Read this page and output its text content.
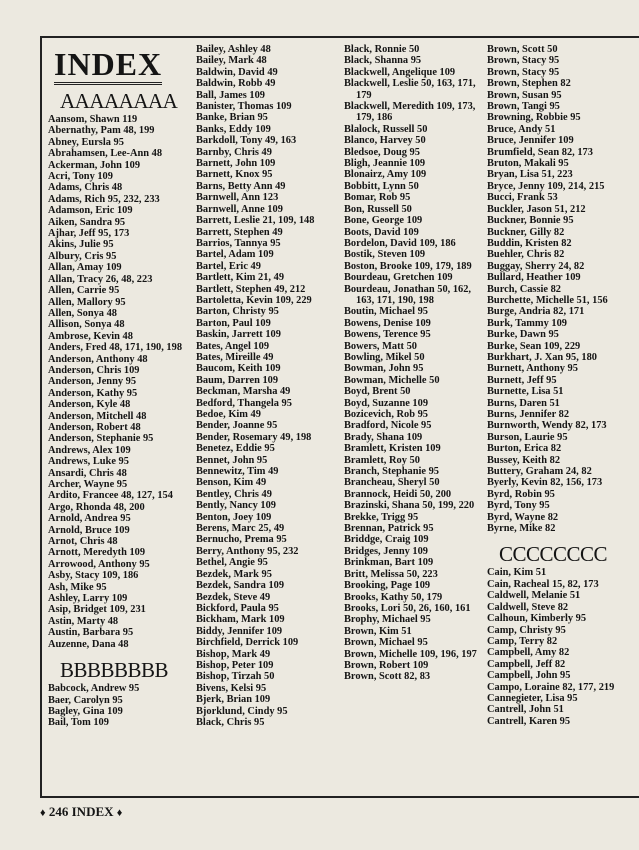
INDEX
AAAAAAAA
Aansom, Shawn 119
Abernathy, Pam 48, 199
Abney, Eursla 95
Abrahamsen, Lee-Ann 48
Ackerman, John 109
Acri, Tony 109
Adams, Chris 48
Adams, Rich 95, 232, 233
Adamson, Eric 109
Aiken, Sandra 95
Ajhar, Jeff 95, 173
Akins, Julie 95
Albury, Cris 95
Allan, Amay 109
Allan, Tracy 26, 48, 223
Allen, Carrie 95
Allen, Mallory 95
Allen, Sonya 48
Allison, Sonya 48
Ambrose, Kevin 48
Anders, Fred 48, 171, 190, 198
Anderson, Anthony 48
Anderson, Chris 109
Anderson, Jenny 95
Anderson, Kathy 95
Anderson, Kyle 48
Anderson, Mitchell 48
Anderson, Robert 48
Anderson, Stephanie 95
Andrews, Alex 109
Andrews, Luke 95
Ansardi, Chris 48
Archer, Wayne 95
Ardito, Francee 48, 127, 154
Argo, Rhonda 48, 200
Arnold, Andrea 95
Arnold, Bruce 109
Arnot, Chris 48
Arnott, Meredyth 109
Arrowood, Anthony 95
Asby, Stacy 109, 186
Ash, Mike 95
Ashley, Larry 109
Asip, Bridget 109, 231
Astin, Marty 48
Austin, Barbara 95
Auzenne, Dana 48
BBBBBBBB
Babcock, Andrew 95
Baer, Carolyn 95
Bagley, Gina 109
Bail, Tom 109
Bailey, Ashley 48
Bailey, Mark 48
Baldwin, David 49
Baldwin, Robb 49
Ball, James 109
Banister, Thomas 109
Banke, Brian 95
Banks, Eddy 109
Barkdoll, Tony 49, 163
Barnby, Chris 49
Barnett, John 109
Barnett, Knox 95
Barns, Betty Ann 49
Barnwell, Ann 123
Barnwell, Anne 109
Barrett, Leslie 21, 109, 148
Barrett, Stephen 49
Barrios, Tannya 95
Bartel, Adam 109
Bartel, Eric 49
Bartlett, Kim 21, 49
Bartlett, Stephen 49, 212
Bartoletta, Kevin 109, 229
Barton, Christy 95
Barton, Paul 109
Baskin, Jarrett 109
Bates, Angel 109
Bates, Mireille 49
Baucom, Keith 109
Baum, Darren 109
Beckman, Marsha 49
Bedford, Thangela 95
Bedoe, Kim 49
Bender, Joanne 95
Bender, Rosemary 49, 198
Benetez, Eddie 95
Bennet, John 95
Bennewitz, Tim 49
Benson, Kim 49
Bentley, Chris 49
Bently, Nancy 109
Benton, Joey 109
Berens, Marc 25, 49
Bernucho, Prema 95
Berry, Anthony 95, 232
Bethel, Angie 95
Bezdek, Mark 95
Bezdek, Sandra 109
Bezdek, Steve 49
Bickford, Paula 95
Bickham, Mark 109
Biddy, Jennifer 109
Birchfield, Derrick 109
Bishop, Mark 49
Bishop, Peter 109
Bishop, Tirzah 50
Bivens, Kelsi 95
Bjerk, Brian 109
Bjorklund, Cindy 95
Black, Chris 95
Black, Ronnie 50
Black, Shanna 95
Blackwell, Angelique 109
Blackwell, Leslie 50, 163, 171, 179
Blackwell, Meredith 109, 173, 179, 186
Blalock, Russell 50
Blanco, Harvey 50
Bledsoe, Doug 95
Bligh, Jeannie 109
Blonairz, Amy 109
Bobbitt, Lynn 50
Bomar, Rob 95
Bon, Russell 50
Bone, George 109
Boots, David 109
Bordelon, David 109, 186
Bostik, Steven 109
Boston, Brooke 109, 179, 189
Bourdeau, Gretchen 109
Bourdeau, Jonathan 50, 162, 163, 171, 190, 198
Boutin, Michael 95
Bowens, Denise 109
Bowens, Terence 95
Bowers, Matt 50
Bowling, Mikel 50
Bowman, John 95
Bowman, Michelle 50
Boyd, Brent 50
Boyd, Suzanne 109
Bozicevich, Rob 95
Bradford, Nicole 95
Brady, Shana 109
Bramlett, Kristen 109
Bramlett, Roy 50
Branch, Stephanie 95
Brancheau, Sheryl 50
Brannock, Heidi 50, 200
Brazinski, Shana 50, 199, 220
Brekke, Trigg 95
Brennan, Patrick 95
Briddge, Craig 109
Bridges, Jenny 109
Brinkman, Bart 109
Britt, Melissa 50, 223
Brooking, Page 109
Brooks, Kathy 50, 179
Brooks, Lori 50, 26, 160, 161
Brophy, Michael 95
Brown, Kim 51
Brown, Michael 95
Brown, Michelle 109, 196, 197
Brown, Robert 109
Brown, Scott 82, 83
Brown, Scott 50
Brown, Stacy 95
Brown, Stacy 95
Brown, Stephen 82
Brown, Susan 95
Brown, Tangi 95
Browning, Robbie 95
Bruce, Andy 51
Bruce, Jennifer 109
Brumfield, Sean 82, 173
Bruton, Makali 95
Bryan, Lisa 51, 223
Bryce, Jenny 109, 214, 215
Bucci, Frank 53
Buckler, Jason 51, 212
Buckner, Bonnie 95
Buckner, Gilly 82
Buddin, Kristen 82
Buehler, Chris 82
Buggay, Sherry 24, 82
Bullard, Heather 109
Burch, Cassie 82
Burchette, Michelle 51, 156
Burge, Andria 82, 171
Burk, Tammy 109
Burke, Dawn 95
Burke, Sean 109, 229
Burkhart, J. Xan 95, 180
Burnett, Anthony 95
Burnett, Jeff 95
Burnette, Lisa 51
Burns, Daren 51
Burns, Jennifer 82
Burnworth, Wendy 82, 173
Burson, Laurie 95
Burton, Erica 82
Bussey, Keith 82
Buttery, Graham 24, 82
Byerly, Kevin 82, 156, 173
Byrd, Robin 95
Byrd, Tony 95
Byrd, Wayne 82
Byrne, Mike 82
CCCCCCCC
Cain, Kim 51
Cain, Racheal 15, 82, 173
Caldwell, Melanie 51
Caldwell, Steve 82
Calhoun, Kimberly 95
Camp, Christy 95
Camp, Terry 82
Campbell, Amy 82
Campbell, Jeff 82
Campbell, John 95
Campo, Loraine 82, 177, 219
Cannegieter, Lisa 95
Cantrell, John 51
Cantrell, Karen 95
♦ 246 INDEX ♦
